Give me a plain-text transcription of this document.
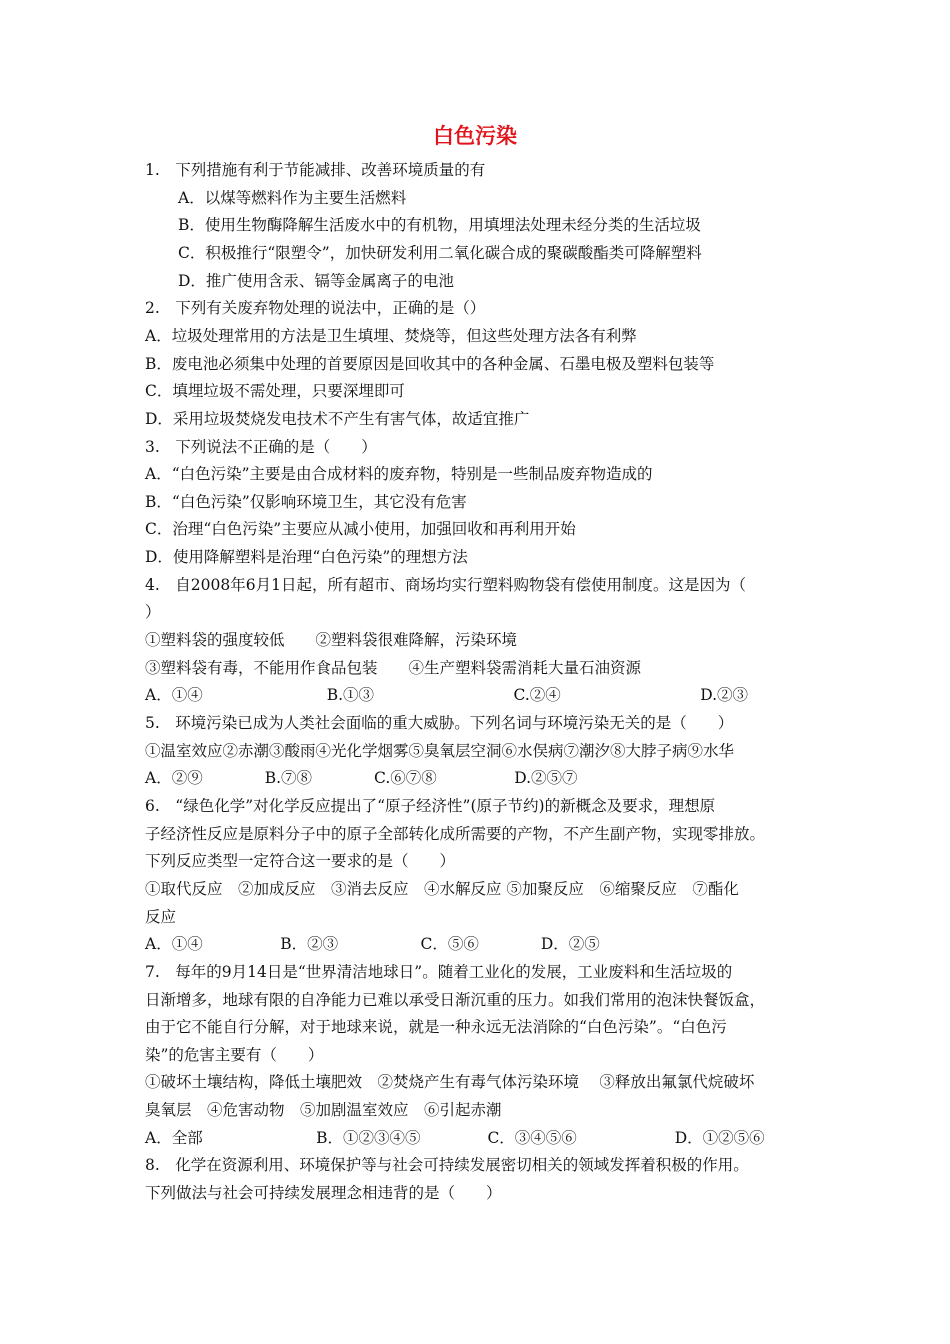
白色污染
1.　下列措施有利于节能减排、改善环境质量的有
A．以煤等燃料作为主要生活燃料
B．使用生物酶降解生活废水中的有机物，用填埋法处理未经分类的生活垃圾
C．积极推行“限塑令”，加快研发利用二氧化碳合成的聚碳酸酯类可降解塑料
D．推广使用含汞、镉等金属离子的电池
2.　下列有关废弃物处理的说法中，正确的是（）
A．垃圾处理常用的方法是卫生填埋、焚烧等，但这些处理方法各有利弊
B．废电池必须集中处理的首要原因是回收其中的各种金属、石墨电极及塑料包装等
C．填埋垃圾不需处理，只要深埋即可
D．采用垃圾焚烧发电技术不产生有害气体，故适宜推广
3.　下列说法不正确的是（　　）
A．“白色污染”主要是由合成材料的废弃物，特别是一些制品废弃物造成的
B．“白色污染”仅影响环境卫生，其它没有危害
C．治理“白色污染”主要应从减小使用，加强回收和再利用开始
D．使用降解塑料是治理“白色污染”的理想方法
4.　自2008年6月1日起，所有超市、商场均实行塑料购物袋有偿使用制度。这是因为（
）
①塑料袋的强度较低　　②塑料袋很难降解，污染环境
③塑料袋有毒，不能用作食品包装　　④生产塑料袋需消耗大量石油资源
A．①④　　　　　　　　B.①③　　　　　　　　　C.②④　　　　　　　　　D.②③
5.　环境污染已成为人类社会面临的重大威胁。下列名词与环境污染无关的是（　　）
①温室效应②赤潮③酸雨④光化学烟雾⑤臭氧层空洞⑥水俣病⑦潮汐⑧大脖子病⑨水华
A．②⑨　　　　B.⑦⑧　　　　C.⑥⑦⑧　　　　　D.②⑤⑦
6.　“绿色化学”对化学反应提出了“原子经济性”(原子节约)的新概念及要求，理想原
子经济性反应是原料分子中的原子全部转化成所需要的产物，不产生副产物，实现零排放。
下列反应类型一定符合这一要求的是（　　）
①取代反应　②加成反应　③消去反应　④水解反应 ⑤加聚反应　⑥缩聚反应　⑦酯化
反应
A．①④　　　　　B．②③　　　　　 C．⑤⑥　　　　D．②⑤
7.　每年的9月14日是“世界清洁地球日”。随着工业化的发展，工业废料和生活垃圾的
日渐增多，地球有限的自净能力已难以承受日渐沉重的压力。如我们常用的泡沫快餐饭盒，
由于它不能自行分解，对于地球来说，就是一种永远无法消除的“白色污染”。“白色污
染”的危害主要有（　　）
①破坏土壤结构，降低土壤肥效　②焚烧产生有毒气体污染环境　 ③释放出氟氯代烷破坏
臭氧层　④危害动物　⑤加剧温室效应　⑥引起赤潮
A．全部　　　　　　　 B．①②③④⑤　　　　 C．③④⑤⑥　　　　　　 D．①②⑤⑥
8.　化学在资源利用、环境保护等与社会可持续发展密切相关的领域发挥着积极的作用。
下列做法与社会可持续发展理念相违背的是（　　）
